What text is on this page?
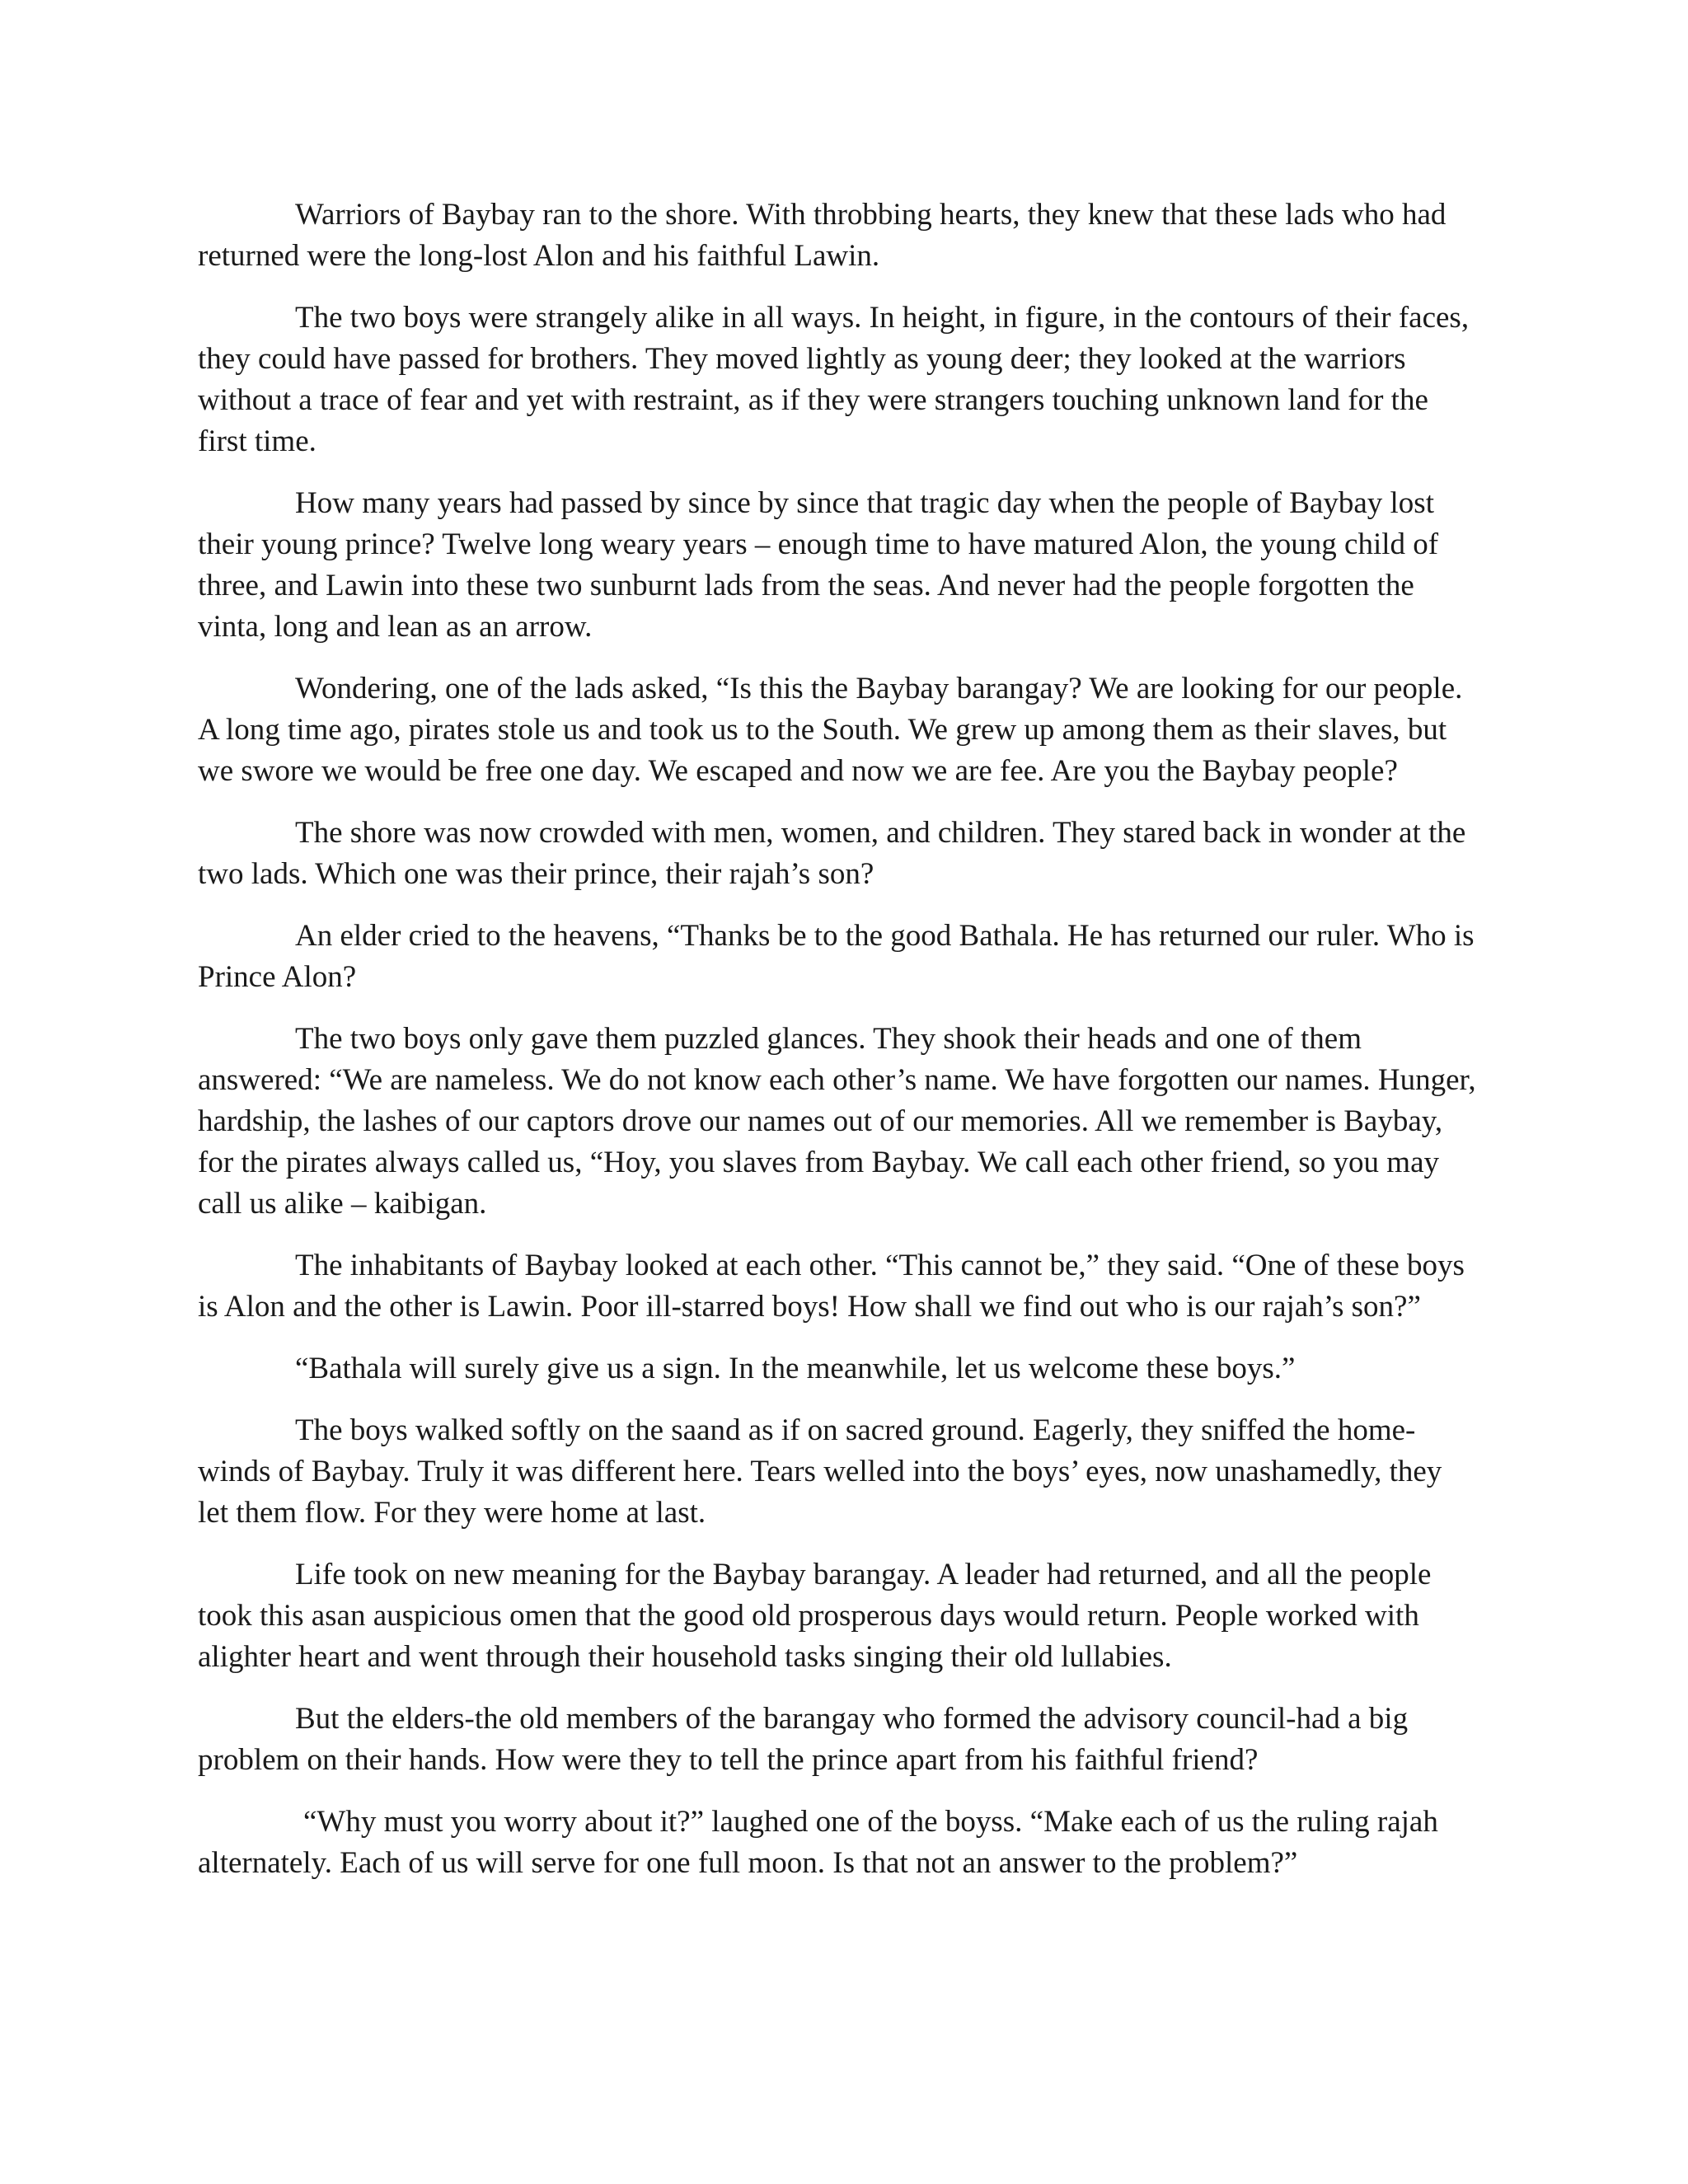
Warriors of Baybay ran to the shore. With throbbing hearts, they knew that these lads who had returned were the long-lost Alon and his faithful Lawin.

The two boys were strangely alike in all ways. In height, in figure, in the contours of their faces, they could have passed for brothers. They moved lightly as young deer; they looked at the warriors without a trace of fear and yet with restraint, as if they were strangers touching unknown land for the first time.

How many years had passed by since by since that tragic day when the people of Baybay lost their young prince? Twelve long weary years – enough time to have matured Alon, the young child of three, and Lawin into these two sunburnt lads from the seas. And never had the people forgotten the vinta, long and lean as an arrow.

Wondering, one of the lads asked, “Is this the Baybay barangay? We are looking for our people. A long time ago, pirates stole us and took us to the South. We grew up among them as their slaves, but we swore we would be free one day. We escaped and now we are fee. Are you the Baybay people?

The shore was now crowded with men, women, and children. They stared back in wonder at the two lads. Which one was their prince, their rajah’s son?

An elder cried to the heavens, “Thanks be to the good Bathala. He has returned our ruler. Who is Prince Alon?

The two boys only gave them puzzled glances. They shook their heads and one of them answered: “We are nameless. We do not know each other’s name. We have forgotten our names. Hunger, hardship, the lashes of our captors drove our names out of our memories. All we remember is Baybay, for the pirates always called us, “Hoy, you slaves from Baybay. We call each other friend, so you may call us alike – kaibigan.

The inhabitants of Baybay looked at each other. “This cannot be,” they said. “One of these boys is Alon and the other is Lawin. Poor ill-starred boys! How shall we find out who is our rajah’s son?”

“Bathala will surely give us a sign. In the meanwhile, let us welcome these boys.”

The boys walked softly on the saand as if on sacred ground. Eagerly, they sniffed the home-winds of Baybay. Truly it was different here. Tears welled into the boys’ eyes, now unashamedly, they let them flow. For they were home at last.

Life took on new meaning for the Baybay barangay. A leader had returned, and all the people took this asan auspicious omen that the good old prosperous days would return. People worked with alighter heart and went through their household tasks singing their old lullabies.

But the elders-the old members of the barangay who formed the advisory council-had a big problem on their hands. How were they to tell the prince apart from his faithful friend?

“Why must you worry about it?” laughed one of the boyss. “Make each of us the ruling rajah alternately. Each of us will serve for one full moon. Is that not an answer to the problem?”
